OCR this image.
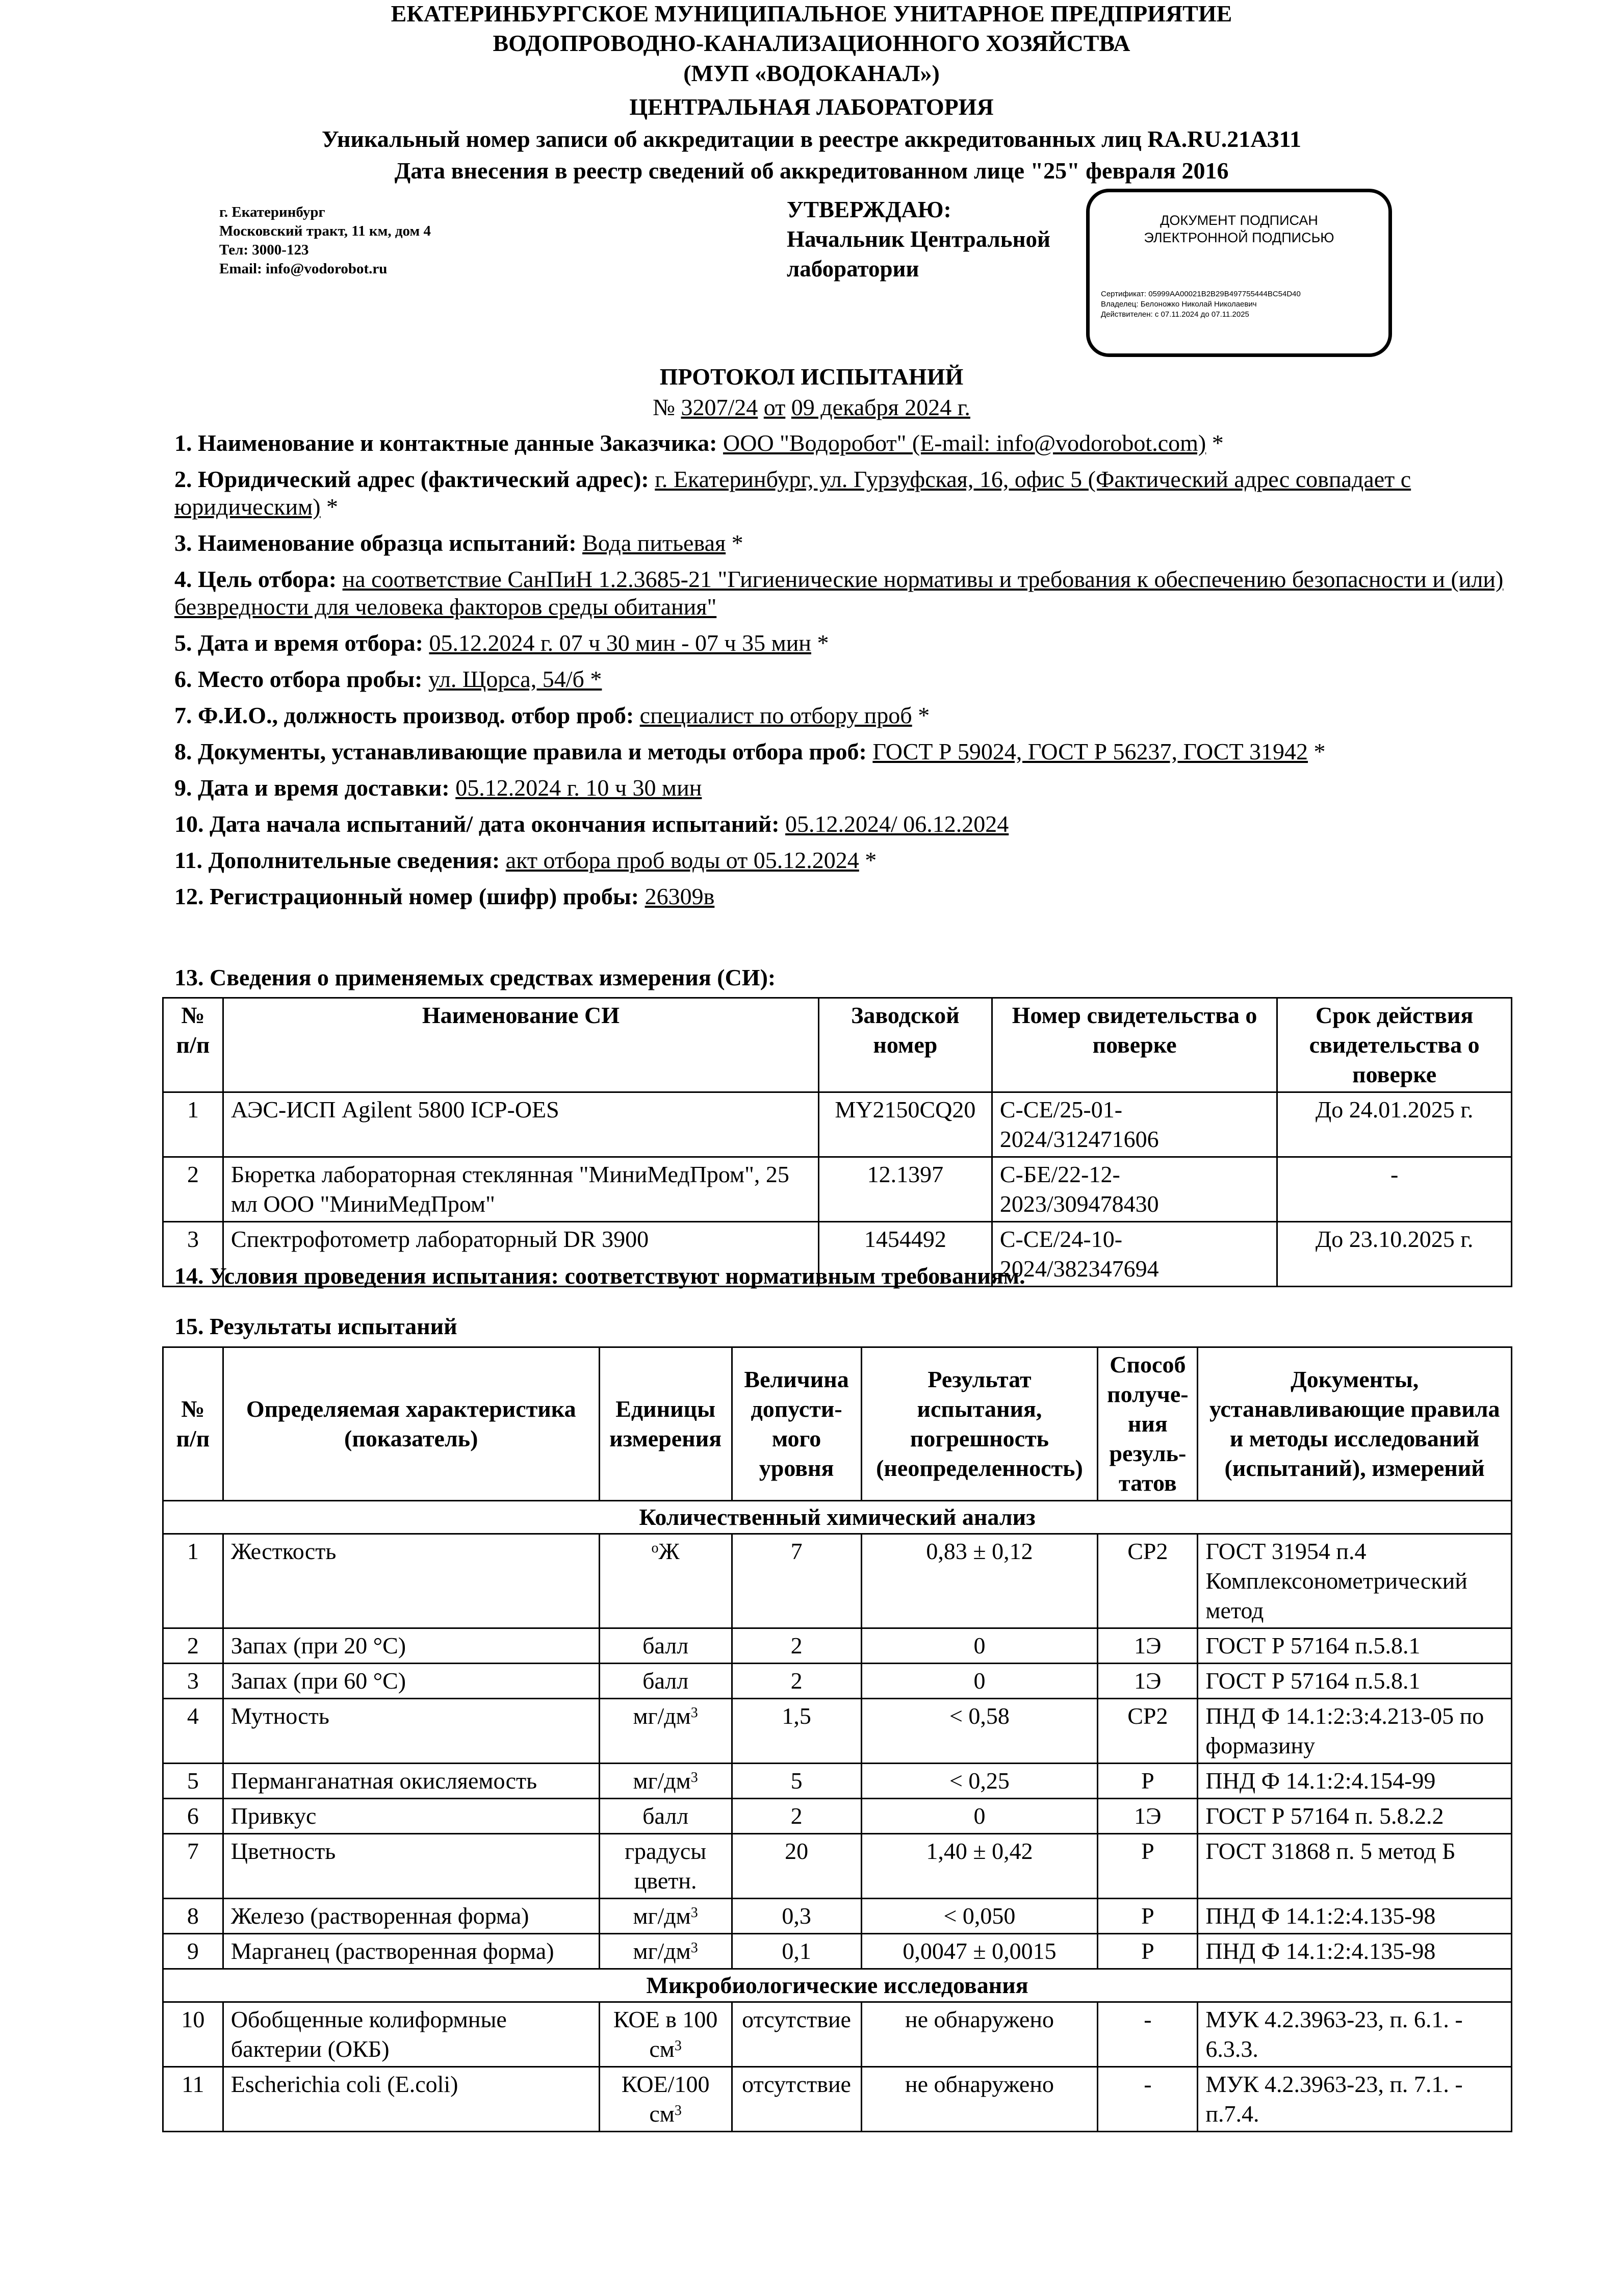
ЕКАТЕРИНБУРГСКОЕ МУНИЦИПАЛЬНОЕ УНИТАРНОЕ ПРЕДПРИЯТИЕ
ВОДОПРОВОДНО-КАНАЛИЗАЦИОННОГО ХОЗЯЙСТВА
(МУП «ВОДОКАНАЛ»)
ЦЕНТРАЛЬНАЯ ЛАБОРАТОРИЯ
Уникальный номер записи об аккредитации в реестре аккредитованных лиц RA.RU.21АЗ11
Дата внесения в реестр сведений об аккредитованном лице "25" февраля 2016
г. Екатеринбург
Московский тракт, 11 км, дом 4
Тел: 3000-123
Email: info@vodorobot.ru
УТВЕРЖДАЮ:
Начальник Центральной
лаборатории
ДОКУМЕНТ ПОДПИСАН
ЭЛЕКТРОННОЙ ПОДПИСЬЮ
Сертификат: 05999AA00021B2B29B497755444BC54D40
Владелец: Белоножко Николай Николаевич
Действителен: с 07.11.2024 до 07.11.2025
ПРОТОКОЛ ИСПЫТАНИЙ
№ 3207/24 от 09 декабря 2024 г.
1. Наименование и контактные данные Заказчика: ООО "Водоробот" (E-mail: info@vodorobot.com) *
2. Юридический адрес (фактический адрес): г. Екатеринбург, ул. Гурзуфская, 16, офис 5 (Фактический адрес совпадает с юридическим) *
3. Наименование образца испытаний: Вода питьевая *
4. Цель отбора: на соответствие СанПиН 1.2.3685-21 "Гигиенические нормативы и требования к обеспечению безопасности и (или) безвредности для человека факторов среды обитания"
5. Дата и время отбора: 05.12.2024 г. 07 ч 30 мин - 07 ч 35 мин *
6. Место отбора пробы: ул. Щорса, 54/б *
7. Ф.И.О., должность производ. отбор проб: специалист по отбору проб *
8. Документы, устанавливающие правила и методы отбора проб: ГОСТ Р 59024, ГОСТ Р 56237, ГОСТ 31942 *
9. Дата и время доставки: 05.12.2024 г. 10 ч 30 мин
10. Дата начала испытаний/ дата окончания испытаний: 05.12.2024/ 06.12.2024
11. Дополнительные сведения: акт отбора проб воды от 05.12.2024 *
12. Регистрационный номер (шифр) пробы: 26309в
13. Сведения о применяемых средствах измерения (СИ):
№ п/п	Наименование СИ	Заводской номер	Номер свидетельства о поверке	Срок действия свидетельства о поверке
1	АЭС-ИСП Agilent 5800 ICP-OES	MY2150CQ20	С-СЕ/25-01-2024/312471606	До 24.01.2025 г.
2	Бюретка лабораторная стеклянная "МиниМедПром", 25 мл ООО "МиниМедПром"	12.1397	С-БЕ/22-12-2023/309478430	-
3	Спектрофотометр лабораторный DR 3900	1454492	С-СЕ/24-10-2024/382347694	До 23.10.2025 г.
14. Условия проведения испытания: соответствуют нормативным требованиям.
15. Результаты испытаний
№ п/п	Определяемая характеристика (показатель)	Единицы измерения	Величина допусти-мого уровня	Результат испытания, погрешность (неопределенность)	Способ получе-ния резуль-татов	Документы, устанавливающие правила и методы исследований (испытаний), измерений
Количественный химический анализ						
1	Жесткость	$^o$Ж	7	0,83 ± 0,12	СР2	ГОСТ 31954 п.4 Комплексонометрический метод
2	Запах (при 20 °С)	балл	2	0	1Э	ГОСТ Р 57164 п.5.8.1
3	Запах (при 60 °С)	балл	2	0	1Э	ГОСТ Р 57164 п.5.8.1
4	Мутность	$мг/дм^3$	1,5	< 0,58	СР2	ПНД Ф 14.1:2:3:4.213-05 по формазину
5	Перманганатная окисляемость	$мг/дм^3$	5	< 0,25	Р	ПНД Ф 14.1:2:4.154-99
6	Привкус	балл	2	0	1Э	ГОСТ Р 57164 п. 5.8.2.2
7	Цветность	градусы цветн.	20	1,40 ± 0,42	Р	ГОСТ 31868 п. 5 метод Б
8	Железо (растворенная форма)	$мг/дм^3$	0,3	< 0,050	Р	ПНД Ф 14.1:2:4.135-98
9	Марганец (растворенная форма)	$мг/дм^3$	0,1	0,0047 ± 0,0015	Р	ПНД Ф 14.1:2:4.135-98
Микробиологические исследования						
10	Обобщенные колиформные бактерии (ОКБ)	КОЕ в 100 $см^3$	отсутствие	не обнаружено	-	МУК 4.2.3963-23, п. 6.1. - 6.3.3.
11	Escherichia coli (E.coli)	КОЕ/100 $см^3$	отсутствие	не обнаружено	-	МУК 4.2.3963-23, п. 7.1. - п.7.4.
